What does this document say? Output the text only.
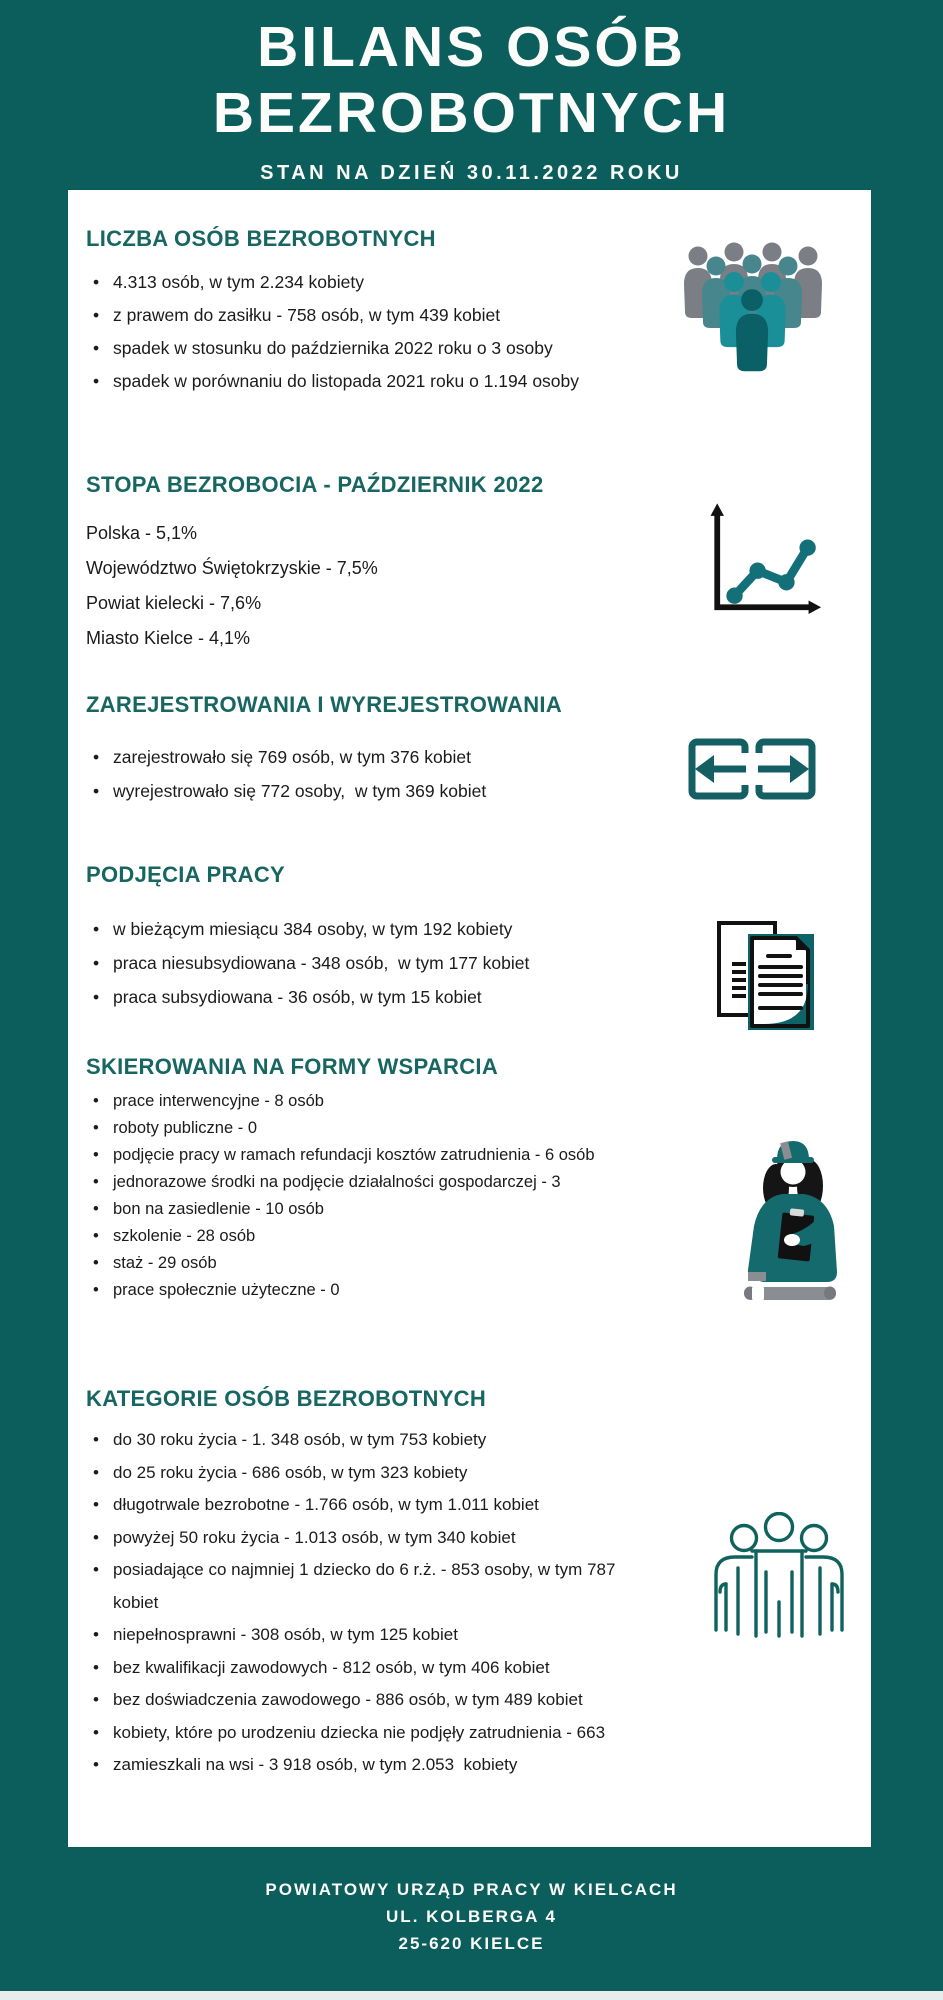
BILANS OSÓB
BEZROBOTNYCH
STAN NA DZIEŃ 30.11.2022 ROKU
LICZBA OSÓB BEZROBOTNYCH
• 4.313 osób, w tym 2.234 kobiety
• z prawem do zasiłku - 758 osób, w tym 439 kobiet
• spadek w stosunku do października 2022 roku o 3 osoby
• spadek w porównaniu do listopada 2021 roku o 1.194 osoby
STOPA BEZROBOCIA - PAŹDZIERNIK 2022
Polska - 5,1%
Województwo Świętokrzyskie - 7,5%
Powiat kielecki - 7,6%
Miasto Kielce - 4,1%
ZAREJESTROWANIA I WYREJESTROWANIA
• zarejestrowało się 769 osób, w tym 376 kobiet
• wyrejestrowało się 772 osoby,  w tym 369 kobiet
PODJĘCIA PRACY
• w bieżącym miesiącu 384 osoby, w tym 192 kobiety
• praca niesubsydiowana - 348 osób,  w tym 177 kobiet
• praca subsydiowana - 36 osób, w tym 15 kobiet
SKIEROWANIA NA FORMY WSPARCIA
• prace interwencyjne - 8 osób
• roboty publiczne - 0
• podjęcie pracy w ramach refundacji kosztów zatrudnienia - 6 osób
• jednorazowe środki na podjęcie działalności gospodarczej - 3
• bon na zasiedlenie - 10 osób
• szkolenie - 28 osób
• staż - 29 osób
• prace społecznie użyteczne - 0
KATEGORIE OSÓB BEZROBOTNYCH
• do 30 roku życia - 1. 348 osób, w tym 753 kobiety
• do 25 roku życia - 686 osób, w tym 323 kobiety
• długotrwale bezrobotne - 1.766 osób, w tym 1.011 kobiet
• powyżej 50 roku życia - 1.013 osób, w tym 340 kobiet
• posiadające co najmniej 1 dziecko do 6 r.ż. - 853 osoby, w tym 787 kobiet
• niepełnosprawni - 308 osób, w tym 125 kobiet
• bez kwalifikacji zawodowych - 812 osób, w tym 406 kobiet
• bez doświadczenia zawodowego - 886 osób, w tym 489 kobiet
• kobiety, które po urodzeniu dziecka nie podjęły zatrudnienia - 663
• zamieszkali na wsi - 3 918 osób, w tym 2.053  kobiety
POWIATOWY URZĄD PRACY W KIELCACH
UL. KOLBERGA 4
25-620 KIELCE
